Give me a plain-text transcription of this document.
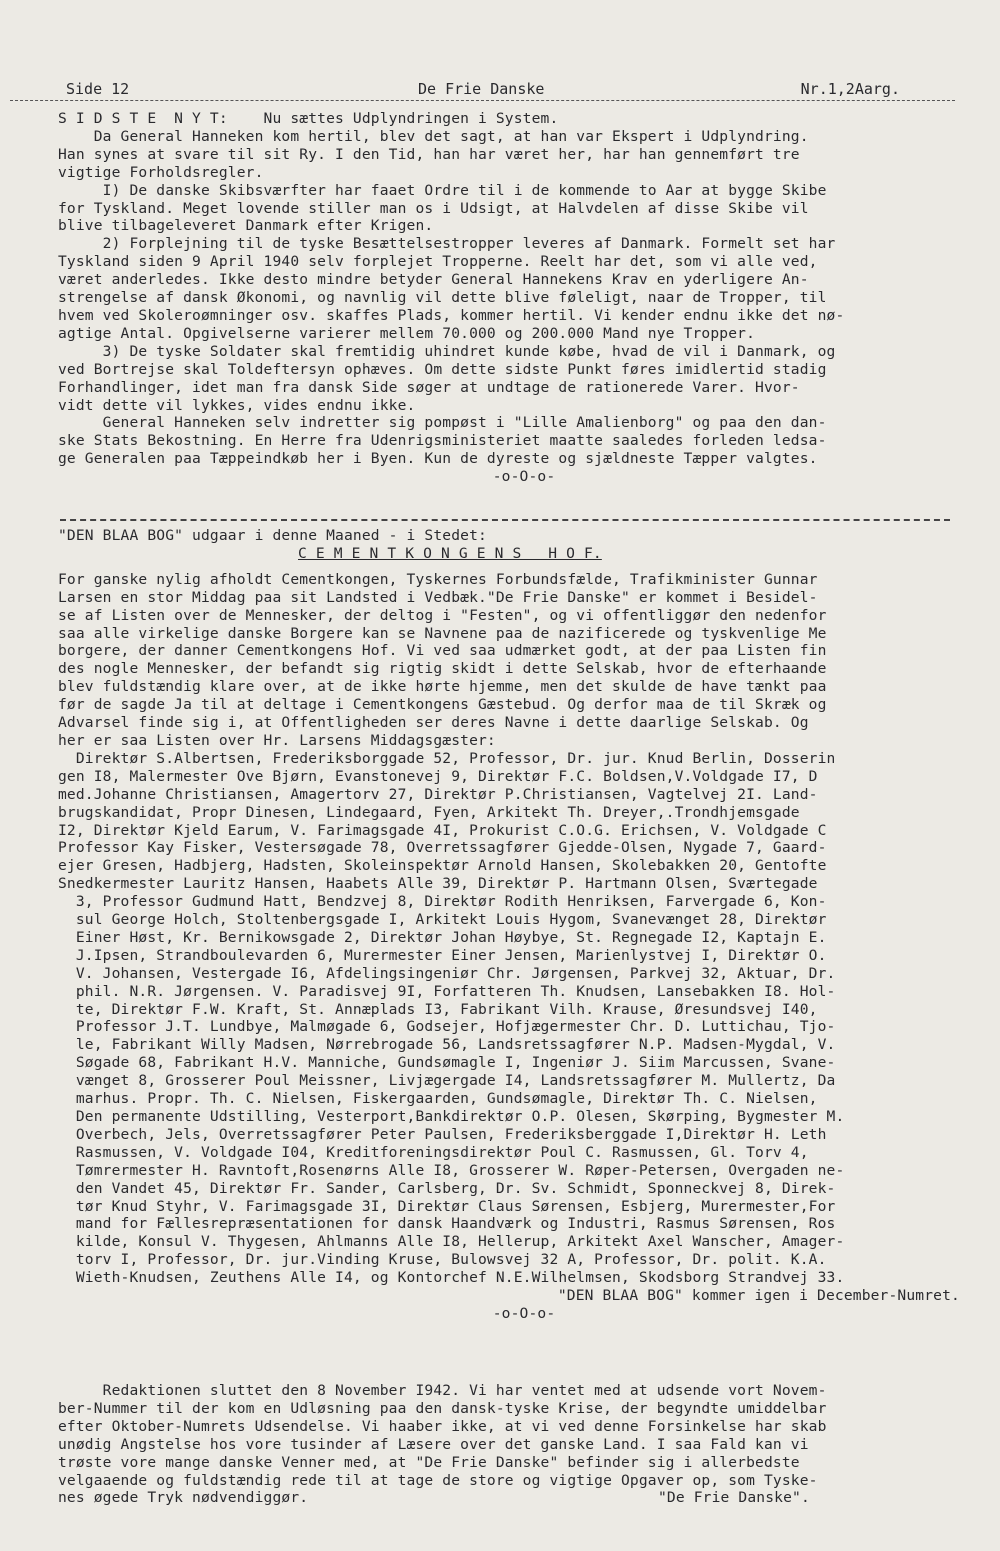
Side 12	De Frie Danske	Nr.1,2Aarg.
S I D S T E  N Y T:    Nu sættes Udplyndringen i System.
Da General Hanneken kom hertil, blev det sagt, at han var Ekspert i Udplyndring.
Han synes at svare til sit Ry. I den Tid, han har været her, har han gennemført tre
vigtige Forholdsregler.
I) De danske Skibsværfter har faaet Ordre til i de kommende to Aar at bygge Skibe
for Tyskland. Meget lovende stiller man os i Udsigt, at Halvdelen af disse Skibe vil
blive tilbageleveret Danmark efter Krigen.
2) Forplejning til de tyske Besættelsestropper leveres af Danmark. Formelt set har
Tyskland siden 9 April 1940 selv forplejet Tropperne. Reelt har det, som vi alle ved,
været anderledes. Ikke desto mindre betyder General Hannekens Krav en yderligere An-
strengelse af dansk Økonomi, og navnlig vil dette blive føleligt, naar de Tropper, til
hvem ved Skoleroømninger osv. skaffes Plads, kommer hertil. Vi kender endnu ikke det nø-
agtige Antal. Opgivelserne varierer mellem 70.000 og 200.000 Mand nye Tropper.
3) De tyske Soldater skal fremtidig uhindret kunde købe, hvad de vil i Danmark, og
ved Bortrejse skal Toldeftersyn ophæves. Om dette sidste Punkt føres imidlertid stadig
Forhandlinger, idet man fra dansk Side søger at undtage de rationerede Varer. Hvor-
vidt dette vil lykkes, vides endnu ikke.
General Hanneken selv indretter sig pompøst i "Lille Amalienborg" og paa den dan-
ske Stats Bekostning. En Herre fra Udenrigsministeriet maatte saaledes forleden ledsa-
ge Generalen paa Tæppeindkøb her i Byen. Kun de dyreste og sjældneste Tæpper valgtes.
-o-O-o-
"DEN BLAA BOG" udgaar i denne Maaned - i Stedet:
C E M E N T K O N G E N S   H O F.
For ganske nylig afholdt Cementkongen, Tyskernes Forbundsfælde, Trafikminister Gunnar
Larsen en stor Middag paa sit Landsted i Vedbæk."De Frie Danske" er kommet i Besidel-
se af Listen over de Mennesker, der deltog i "Festen", og vi offentliggør den nedenfor
saa alle virkelige danske Borgere kan se Navnene paa de nazificerede og tyskvenlige Me
borgere, der danner Cementkongens Hof. Vi ved saa udmærket godt, at der paa Listen fin
des nogle Mennesker, der befandt sig rigtig skidt i dette Selskab, hvor de efterhaande
blev fuldstændig klare over, at de ikke hørte hjemme, men det skulde de have tænkt paa
før de sagde Ja til at deltage i Cementkongens Gæstebud. Og derfor maa de til Skræk og
Advarsel finde sig i, at Offentligheden ser deres Navne i dette daarlige Selskab. Og
her er saa Listen over Hr. Larsens Middagsgæster:
Direktør S.Albertsen, Frederiksborggade 52, Professor, Dr. jur. Knud Berlin, Dosserin
gen I8, Malermester Ove Bjørn, Evanstonevej 9, Direktør F.C. Boldsen,V.Voldgade I7, D
med.Johanne Christiansen, Amagertorv 27, Direktør P.Christiansen, Vagtelvej 2I. Land-
brugskandidat, Propr Dinesen, Lindegaard, Fyen, Arkitekt Th. Dreyer,.Trondhjemsgade
I2, Direktør Kjeld Earum, V. Farimagsgade 4I, Prokurist C.O.G. Erichsen, V. Voldgade C
Professor Kay Fisker, Vestersøgade 78, Overretssagfører Gjedde-Olsen, Nygade 7, Gaard-
ejer Gresen, Hadbjerg, Hadsten, Skoleinspektør Arnold Hansen, Skolebakken 20, Gentofte
Snedkermester Lauritz Hansen, Haabets Alle 39, Direktør P. Hartmann Olsen, Sværtegade
3, Professor Gudmund Hatt, Bendzvej 8, Direktør Rodith Henriksen, Farvergade 6, Kon-
sul George Holch, Stoltenbergsgade I, Arkitekt Louis Hygom, Svanevænget 28, Direktør
Einer Høst, Kr. Bernikowsgade 2, Direktør Johan Høybye, St. Regnegade I2, Kaptajn E.
J.Ipsen, Strandboulevarden 6, Murermester Einer Jensen, Marienlystvej I, Direktør O.
V. Johansen, Vestergade I6, Afdelingsingeniør Chr. Jørgensen, Parkvej 32, Aktuar, Dr.
phil. N.R. Jørgensen. V. Paradisvej 9I, Forfatteren Th. Knudsen, Lansebakken I8. Hol-
te, Direktør F.W. Kraft, St. Annæplads I3, Fabrikant Vilh. Krause, Øresundsvej I40,
Professor J.T. Lundbye, Malmøgade 6, Godsejer, Hofjægermester Chr. D. Luttichau, Tjo-
le, Fabrikant Willy Madsen, Nørrebrogade 56, Landsretssagfører N.P. Madsen-Mygdal, V.
Søgade 68, Fabrikant H.V. Manniche, Gundsømagle I, Ingeniør J. Siim Marcussen, Svane-
vænget 8, Grosserer Poul Meissner, Livjægergade I4, Landsretssagfører M. Mullertz, Da
marhus. Propr. Th. C. Nielsen, Fiskergaarden, Gundsømagle, Direktør Th. C. Nielsen,
Den permanente Udstilling, Vesterport,Bankdirektør O.P. Olesen, Skørping, Bygmester M.
Overbech, Jels, Overretssagfører Peter Paulsen, Frederiksberggade I,Direktør H. Leth
Rasmussen, V. Voldgade I04, Kreditforeningsdirektør Poul C. Rasmussen, Gl. Torv 4,
Tømrermester H. Ravntoft,Rosenørns Alle I8, Grosserer W. Røper-Petersen, Overgaden ne-
den Vandet 45, Direktør Fr. Sander, Carlsberg, Dr. Sv. Schmidt, Sponneckvej 8, Direk-
tør Knud Styhr, V. Farimagsgade 3I, Direktør Claus Sørensen, Esbjerg, Murermester,For
mand for Fællesrepræsentationen for dansk Haandværk og Industri, Rasmus Sørensen, Ros
kilde, Konsul V. Thygesen, Ahlmanns Alle I8, Hellerup, Arkitekt Axel Wanscher, Amager-
torv I, Professor, Dr. jur.Vinding Kruse, Bulowsvej 32 A, Professor, Dr. polit. K.A.
Wieth-Knudsen, Zeuthens Alle I4, og Kontorchef N.E.Wilhelmsen, Skodsborg Strandvej 33.
"DEN BLAA BOG" kommer igen i December-Numret.
-o-O-o-
Redaktionen sluttet den 8 November I942. Vi har ventet med at udsende vort Novem-
ber-Nummer til der kom en Udløsning paa den dansk-tyske Krise, der begyndte umiddelbar
efter Oktober-Numrets Udsendelse. Vi haaber ikke, at vi ved denne Forsinkelse har skab
unødig Angstelse hos vore tusinder af Læsere over det ganske Land. I saa Fald kan vi
trøste vore mange danske Venner med, at "De Frie Danske" befinder sig i allerbedste
velgaaende og fuldstændig rede til at tage de store og vigtige Opgaver op, som Tyske-
nes øgede Tryk nødvendiggør.	"De Frie Danske".
